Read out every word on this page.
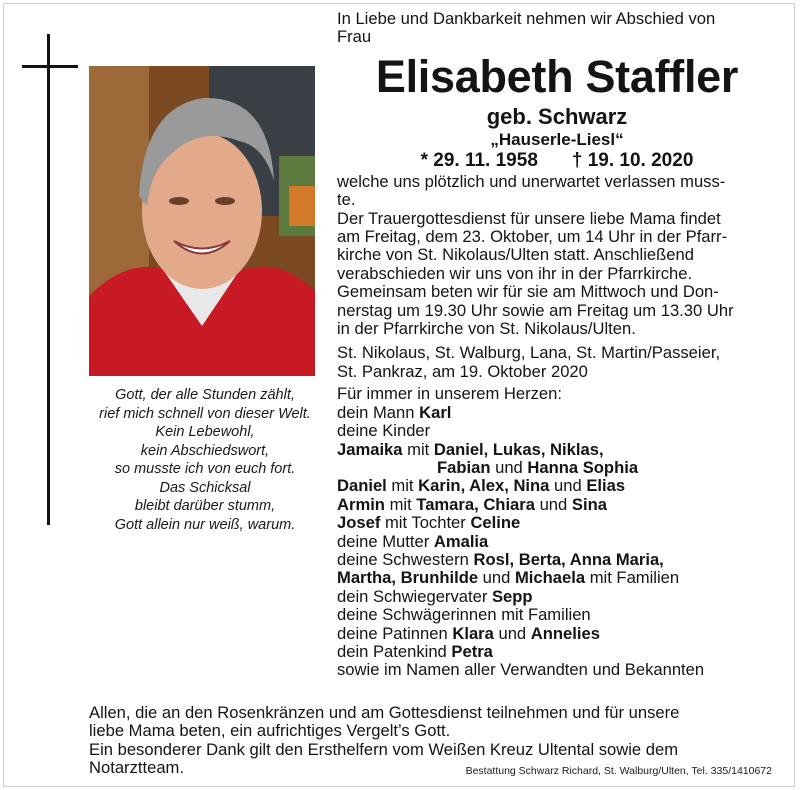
Gott, der alle Stunden zählt,
rief mich schnell von dieser Welt.
Kein Lebewohl,
kein Abschiedswort,
so musste ich von euch fort.
Das Schicksal
bleibt darüber stumm,
Gott allein nur weiß, warum.
In Liebe und Dankbarkeit nehmen wir Abschied von
Frau
Elisabeth Staffler
geb. Schwarz
„Hauserle-Liesl“
* 29. 11. 1958 † 19. 10. 2020
welche uns plötzlich und unerwartet verlassen muss-
te.
Der Trauergottesdienst für unsere liebe Mama findet
am Freitag, dem 23. Oktober, um 14 Uhr in der Pfarr-
kirche von St. Nikolaus/Ulten statt. Anschließend
verabschieden wir uns von ihr in der Pfarrkirche.
Gemeinsam beten wir für sie am Mittwoch und Don-
nerstag um 19.30 Uhr sowie am Freitag um 13.30 Uhr
in der Pfarrkirche von St. Nikolaus/Ulten.
St. Nikolaus, St. Walburg, Lana, St. Martin/Passeier,
St. Pankraz, am 19. Oktober 2020
Für immer in unserem Herzen:
dein Mann Karl
deine Kinder
Jamaika mit Daniel, Lukas, Niklas,
Fabian und Hanna Sophia
Daniel mit Karin, Alex, Nina und Elias
Armin mit Tamara, Chiara und Sina
Josef mit Tochter Celine
deine Mutter Amalia
deine Schwestern Rosl, Berta, Anna Maria,
Martha, Brunhilde und Michaela mit Familien
dein Schwiegervater Sepp
deine Schwägerinnen mit Familien
deine Patinnen Klara und Annelies
dein Patenkind Petra
sowie im Namen aller Verwandten und Bekannten
Allen, die an den Rosenkränzen und am Gottesdienst teilnehmen und für unsere
liebe Mama beten, ein aufrichtiges Vergelt’s Gott.
Ein besonderer Dank gilt den Ersthelfern vom Weißen Kreuz Ultental sowie dem
Notarztteam.	Bestattung Schwarz Richard, St. Walburg/Ulten, Tel. 335/1410672
